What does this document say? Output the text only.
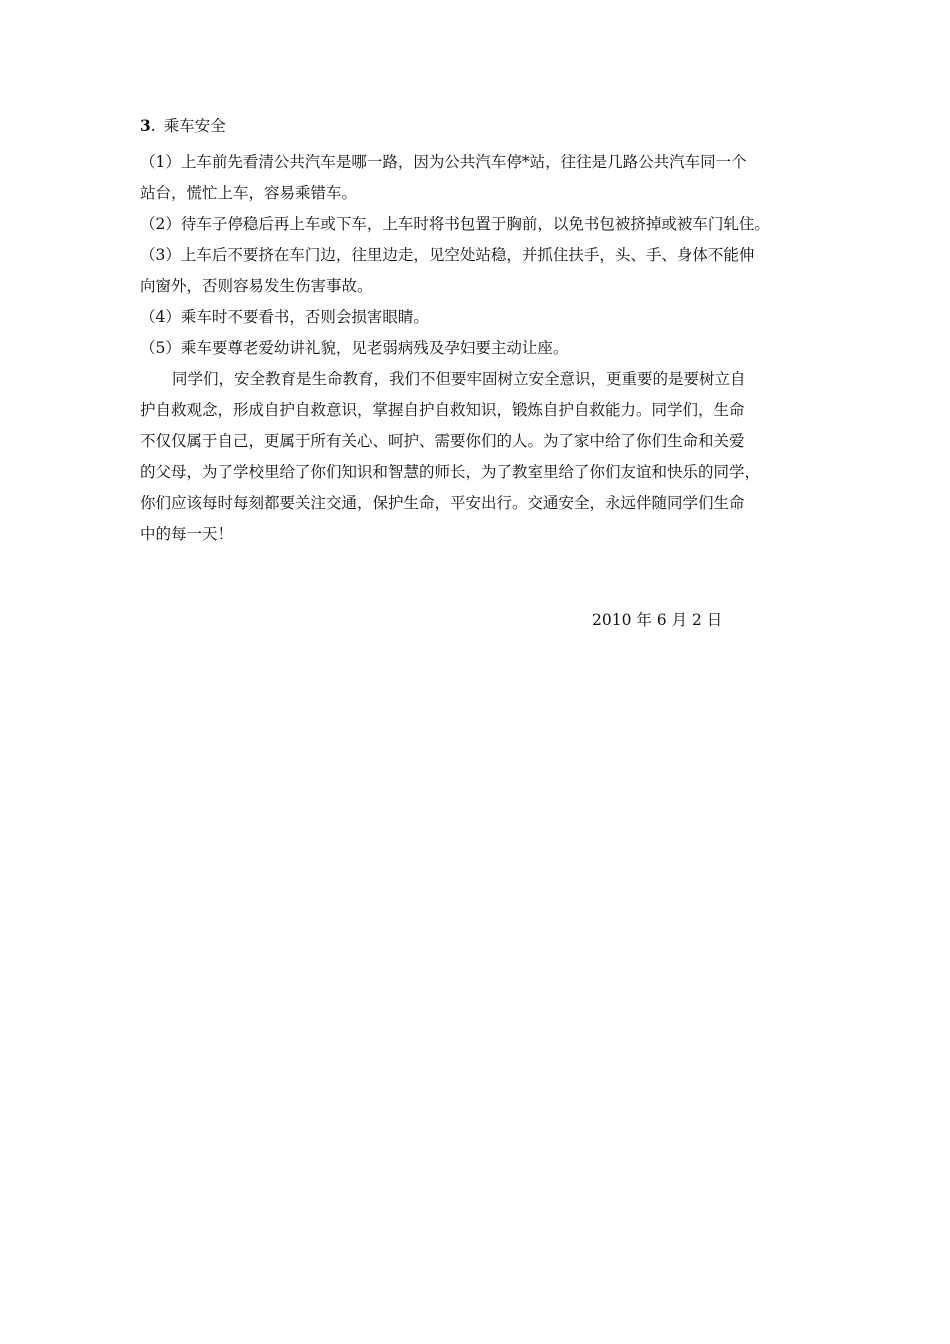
3. 乘车安全
（1）上车前先看清公共汽车是哪一路，因为公共汽车停*站，往往是几路公共汽车同一个
站台，慌忙上车，容易乘错车。
（2）待车子停稳后再上车或下车，上车时将书包置于胸前，以免书包被挤掉或被车门轧住。
（3）上车后不要挤在车门边，往里边走，见空处站稳，并抓住扶手，头、手、身体不能伸
向窗外，否则容易发生伤害事故。
（4）乘车时不要看书，否则会损害眼睛。
（5）乘车要尊老爱幼讲礼貌，见老弱病残及孕妇要主动让座。
同学们，安全教育是生命教育，我们不但要牢固树立安全意识，更重要的是要树立自
护自救观念，形成自护自救意识，掌握自护自救知识，锻炼自护自救能力。同学们，生命
不仅仅属于自己，更属于所有关心、呵护、需要你们的人。为了家中给了你们生命和关爱
的父母，为了学校里给了你们知识和智慧的师长，为了教室里给了你们友谊和快乐的同学，
你们应该每时每刻都要关注交通，保护生命，平安出行。交通安全，永远伴随同学们生命
中的每一天！
2010 年 6 月 2 日
